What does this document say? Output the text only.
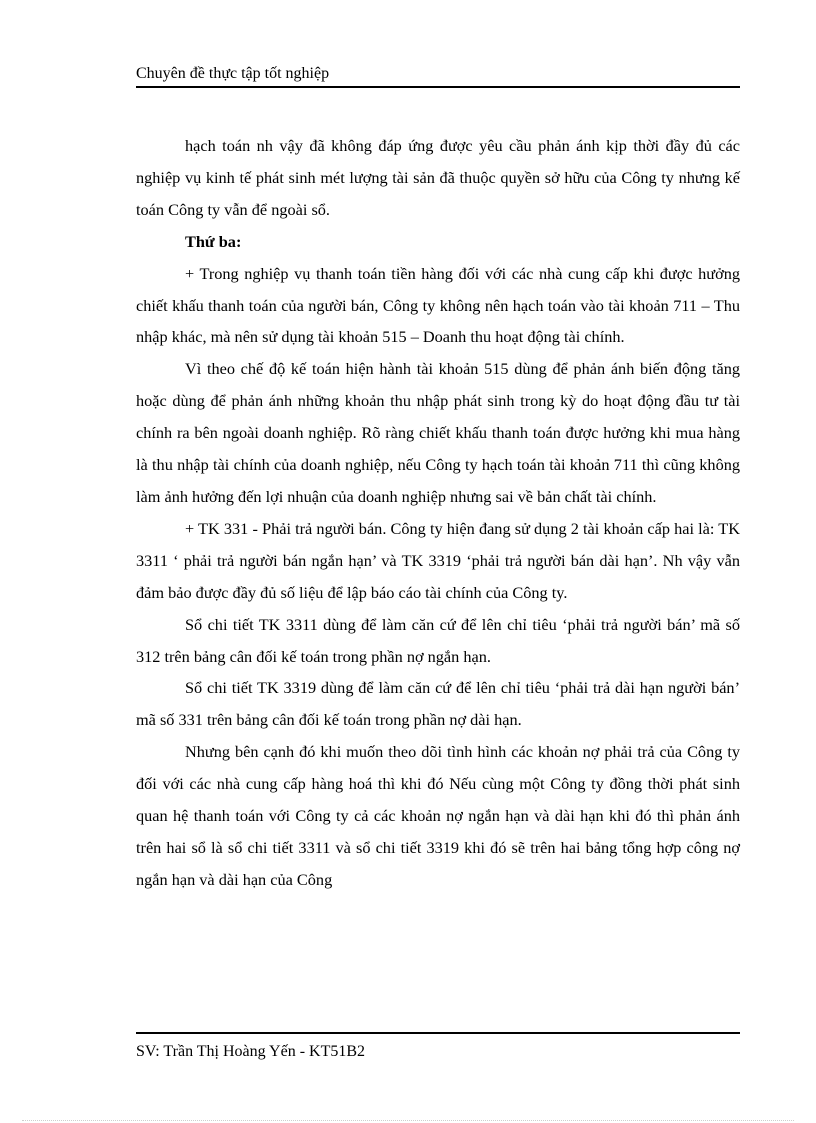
Chuyên đề thực tập tốt nghiệp

hạch toán nh vậy đã không đáp ứng được yêu cầu phản ánh kịp thời đầy đủ các nghiệp vụ kinh tế phát sinh mét lượng tài sản đã thuộc quyền sở hữu của Công ty nhưng kế toán Công ty vẫn để ngoài sổ.

Thứ ba:

+ Trong nghiệp vụ thanh toán tiền hàng đối với các nhà cung cấp khi được hưởng chiết khấu thanh toán của người bán, Công ty không nên hạch toán vào tài khoản 711 – Thu nhập khác, mà nên sử dụng tài khoản 515 – Doanh thu hoạt động tài chính.

Vì theo chế độ kế toán hiện hành tài khoản 515 dùng để phản ánh biến động tăng hoặc dùng để phản ánh những khoản thu nhập phát sinh trong kỳ do hoạt động đầu tư tài chính ra bên ngoài doanh nghiệp. Rõ ràng chiết khấu thanh toán được hưởng khi mua hàng là thu nhập tài chính của doanh nghiệp, nếu Công ty hạch toán tài khoản 711 thì cũng không làm ảnh hưởng đến lợi nhuận của doanh nghiệp nhưng sai về bản chất tài chính.

+ TK 331 - Phải trả người bán. Công ty hiện đang sử dụng 2 tài khoản cấp hai là: TK 3311 ‘ phải trả người bán ngắn hạn’ và TK 3319 ‘phải trả người bán dài hạn’. Nh vậy vẫn đảm bảo được đầy đủ số liệu để lập báo cáo tài chính của Công ty.

Sổ chi tiết TK 3311 dùng để làm căn cứ để lên chỉ tiêu ‘phải trả người bán’ mã số 312 trên bảng cân đối kế toán trong phần nợ ngắn hạn.

Sổ chi tiết TK 3319 dùng để làm căn cứ để lên chỉ tiêu ‘phải trả dài hạn người bán’ mã số 331 trên bảng cân đối kế toán trong phần nợ dài hạn.

Nhưng bên cạnh đó khi muốn theo dõi tình hình các khoản nợ phải trả của Công ty đối với các nhà cung cấp hàng hoá thì khi đó Nếu cùng một Công ty đồng thời phát sinh quan hệ thanh toán với Công ty cả các khoản nợ ngắn hạn và dài hạn khi đó thì phản ánh trên hai sổ là sổ chi tiết 3311 và sổ chi tiết 3319 khi đó sẽ trên hai bảng tổng hợp công nợ ngắn hạn và dài hạn của Công

SV: Trần Thị Hoàng Yến - KT51B2
